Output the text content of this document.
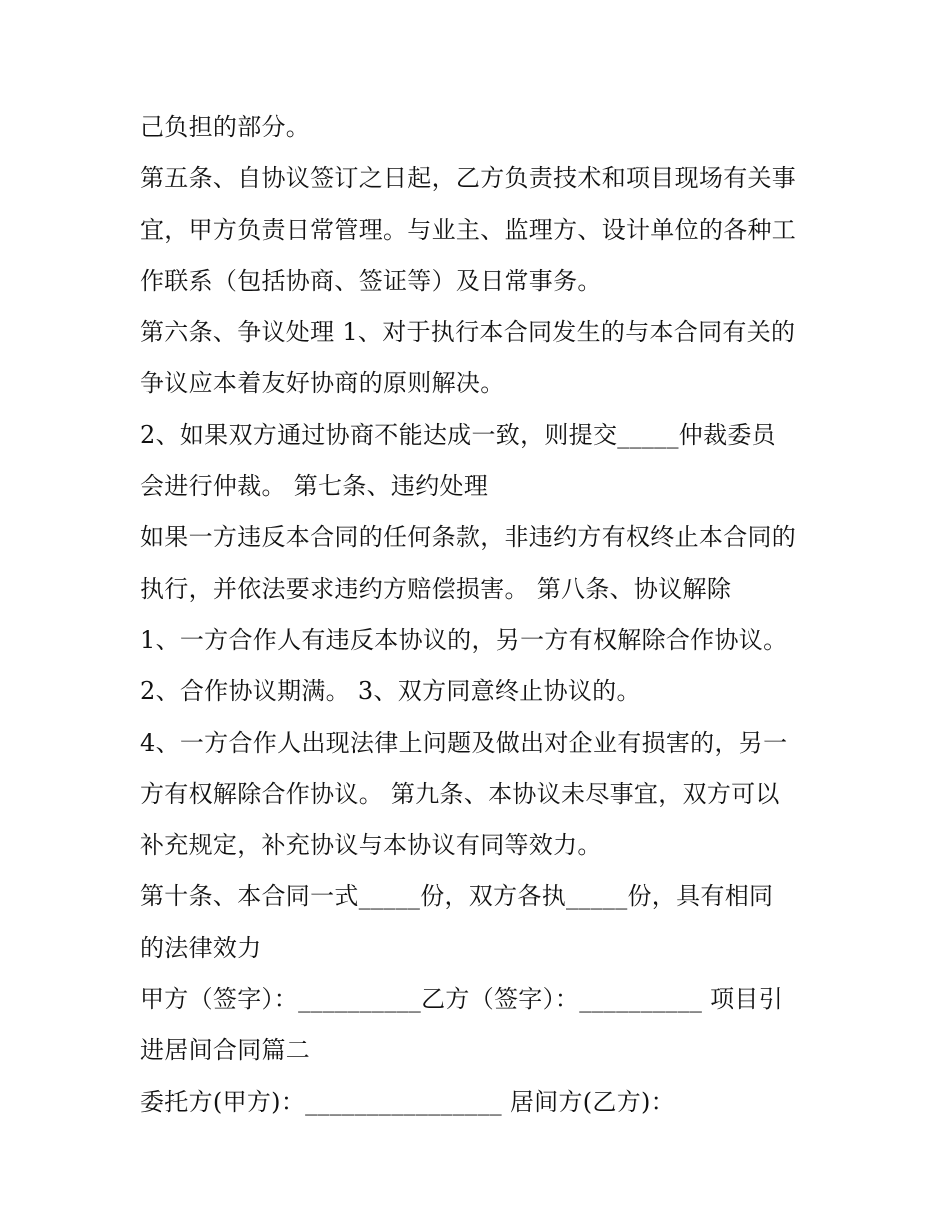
己负担的部分。
第五条、自协议签订之日起，乙方负责技术和项目现场有关事
宜，甲方负责日常管理。与业主、监理方、设计单位的各种工
作联系（包括协商、签证等）及日常事务。
第六条、争议处理 1、对于执行本合同发生的与本合同有关的
争议应本着友好协商的原则解决。
2、如果双方通过协商不能达成一致，则提交_____仲裁委员
会进行仲裁。 第七条、违约处理
如果一方违反本合同的任何条款，非违约方有权终止本合同的
执行，并依法要求违约方赔偿损害。 第八条、协议解除
1、一方合作人有违反本协议的，另一方有权解除合作协议。
2、合作协议期满。 3、双方同意终止协议的。
4、一方合作人出现法律上问题及做出对企业有损害的，另一
方有权解除合作协议。 第九条、本协议未尽事宜，双方可以
补充规定，补充协议与本协议有同等效力。
第十条、本合同一式_____份，双方各执_____份，具有相同
的法律效力
甲方（签字）：__________乙方（签字）：__________ 项目引
进居间合同篇二
委托方(甲方)：________________ 居间方(乙方)：
